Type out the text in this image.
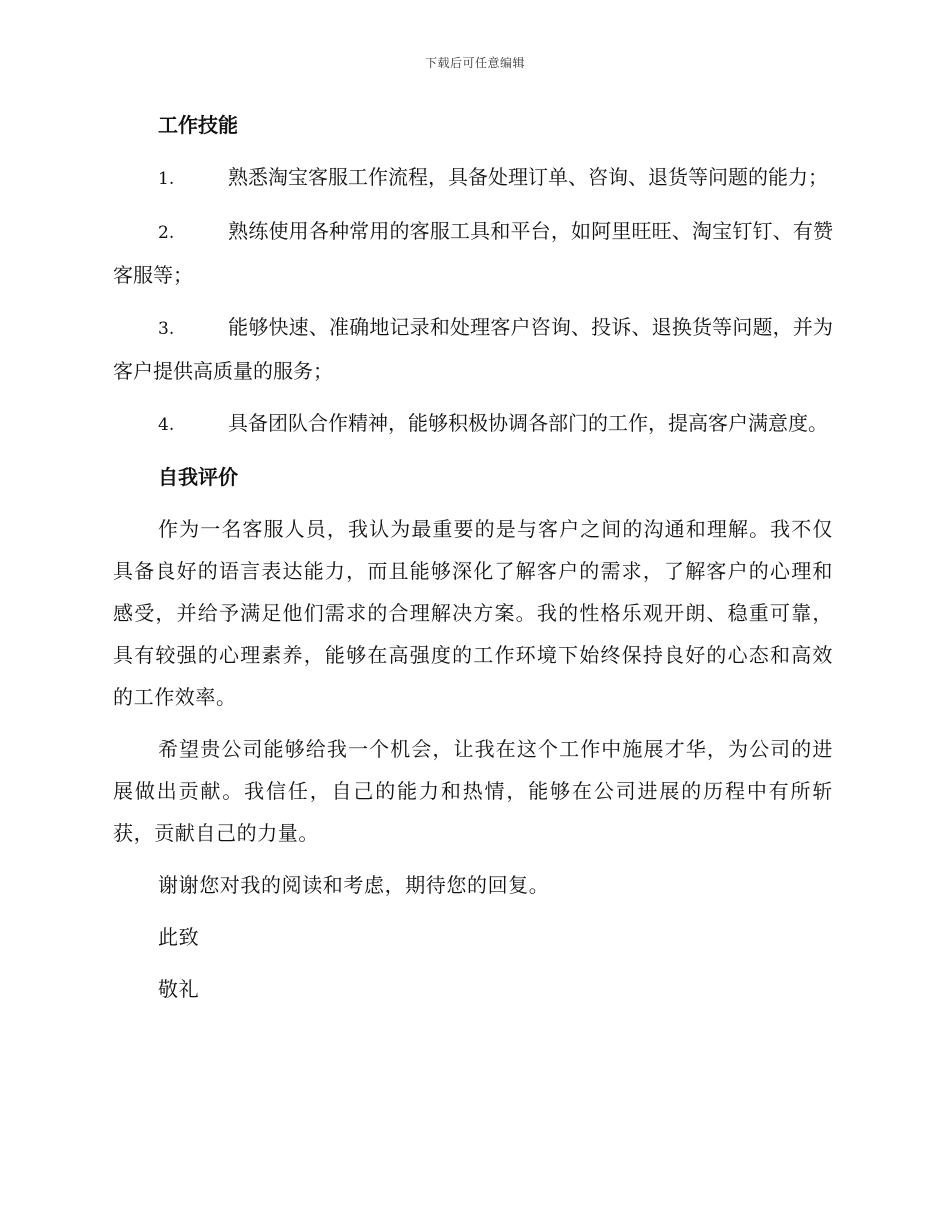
下载后可任意编辑
工作技能
1.	熟悉淘宝客服工作流程，具备处理订单、咨询、退货等问题的能力；
2.	熟练使用各种常用的客服工具和平台，如阿里旺旺、淘宝钉钉、有赞客服等；
3.	能够快速、准确地记录和处理客户咨询、投诉、退换货等问题，并为客户提供高质量的服务；
4.	具备团队合作精神，能够积极协调各部门的工作，提高客户满意度。
自我评价

作为一名客服人员，我认为最重要的是与客户之间的沟通和理解。我不仅具备良好的语言表达能力，而且能够深化了解客户的需求，了解客户的心理和感受，并给予满足他们需求的合理解决方案。我的性格乐观开朗、稳重可靠，具有较强的心理素养，能够在高强度的工作环境下始终保持良好的心态和高效的工作效率。

希望贵公司能够给我一个机会，让我在这个工作中施展才华，为公司的进展做出贡献。我信任，自己的能力和热情，能够在公司进展的历程中有所斩获，贡献自己的力量。

谢谢您对我的阅读和考虑，期待您的回复。

此致
敬礼
